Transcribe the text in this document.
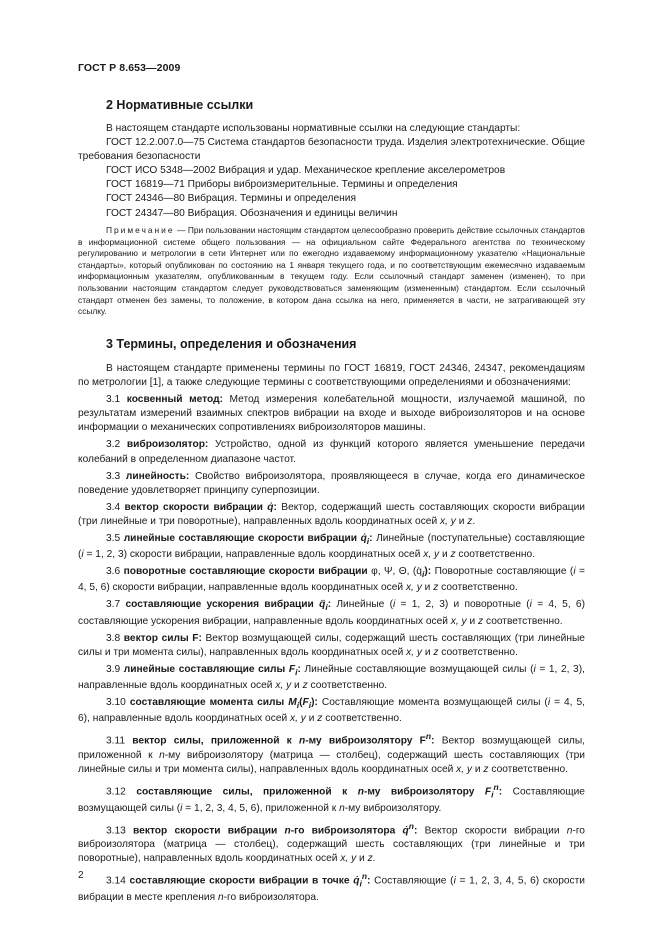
ГОСТ Р 8.653—2009
2 Нормативные ссылки

В настоящем стандарте использованы нормативные ссылки на следующие стандарты:

ГОСТ 12.2.007.0—75 Система стандартов безопасности труда. Изделия электротехнические. Общие требования безопасности

ГОСТ ИСО 5348—2002 Вибрация и удар. Механическое крепление акселерометров

ГОСТ 16819—71 Приборы виброизмерительные. Термины и определения

ГОСТ 24346—80 Вибрация. Термины и определения

ГОСТ 24347—80 Вибрация. Обозначения и единицы величин

Примечание — При пользовании настоящим стандартом целесообразно проверить действие ссылочных стандартов в информационной системе общего пользования — на официальном сайте Федерального агентства по техническому регулированию и метрологии в сети Интернет или по ежегодно издаваемому информационному указателю «Национальные стандарты», который опубликован по состоянию на 1 января текущего года, и по соответствующим ежемесячно издаваемым информационным указателям, опубликованным в текущем году. Если ссылочный стандарт заменен (изменен), то при пользовании настоящим стандартом следует руководствоваться заменяющим (измененным) стандартом. Если ссылочный стандарт отменен без замены, то положение, в котором дана ссылка на него, применяется в части, не затрагивающей эту ссылку.

3 Термины, определения и обозначения

В настоящем стандарте применены термины по ГОСТ 16819, ГОСТ 24346, 24347, рекомендациям по метрологии [1], а также следующие термины с соответствующими определениями и обозначениями:

3.1 косвенный метод: Метод измерения колебательной мощности, излучаемой машиной, по результатам измерений взаимных спектров вибрации на входе и выходе виброизоляторов и на основе информации о механических сопротивлениях виброизоляторов машины.

3.2 виброизолятор: Устройство, одной из функций которого является уменьшение передачи колебаний в определенном диапазоне частот.

3.3 линейность: Свойство виброизолятора, проявляющееся в случае, когда его динамическое поведение удовлетворяет принципу суперпозиции.

3.4 вектор скорости вибрации q̇: Вектор, содержащий шесть составляющих скорости вибрации (три линейные и три поворотные), направленных вдоль координатных осей x, y и z.

3.5 линейные составляющие скорости вибрации $q̇_i$: Линейные (поступательные) составляющие (i = 1, 2, 3) скорости вибрации, направленные вдоль координатных осей x, y и z соответственно.

3.6 поворотные составляющие скорости вибрации φ, Ψ, Θ, $(q̇_i)$: Поворотные составляющие (i = 4, 5, 6) скорости вибрации, направленные вдоль координатных осей x, y и z соответственно.

3.7 составляющие ускорения вибрации $q̈_i$: Линейные (i = 1, 2, 3) и поворотные (i = 4, 5, 6) составляющие ускорения вибрации, направленные вдоль координатных осей x, y и z соответственно.

3.8 вектор силы F: Вектор возмущающей силы, содержащий шесть составляющих (три линейные силы и три момента силы), направленных вдоль координатных осей x, y и z соответственно.

3.9 линейные составляющие силы $F_i$: Линейные составляющие возмущающей силы (i = 1, 2, 3), направленные вдоль координатных осей x, y и z соответственно.

3.10 составляющие момента силы $M_i(F_i)$: Составляющие момента возмущающей силы (i = 4, 5, 6), направленные вдоль координатных осей x, y и z соответственно.

3.11 вектор силы, приложенной к n-му виброизолятору $F^n$: Вектор возмущающей силы, приложенной к n-му виброизолятору (матрица — столбец), содержащий шесть составляющих (три линейные силы и три момента силы), направленных вдоль координатных осей x, y и z соответственно.

3.12 составляющие силы, приложенной к n-му виброизолятору $F_i^n$: Составляющие возмущающей силы (i = 1, 2, 3, 4, 5, 6), приложенной к n-му виброизолятору.

3.13 вектор скорости вибрации n-го виброизолятора q̇$^n$: Вектор скорости вибрации n-го виброизолятора (матрица — столбец), содержащий шесть составляющих (три линейные и три поворотные), направленных вдоль координатных осей x, y и z.

3.14 составляющие скорости вибрации в точке $q̇_i^n$: Составляющие (i = 1, 2, 3, 4, 5, 6) скорости вибрации в месте крепления n-го виброизолятора.

2
